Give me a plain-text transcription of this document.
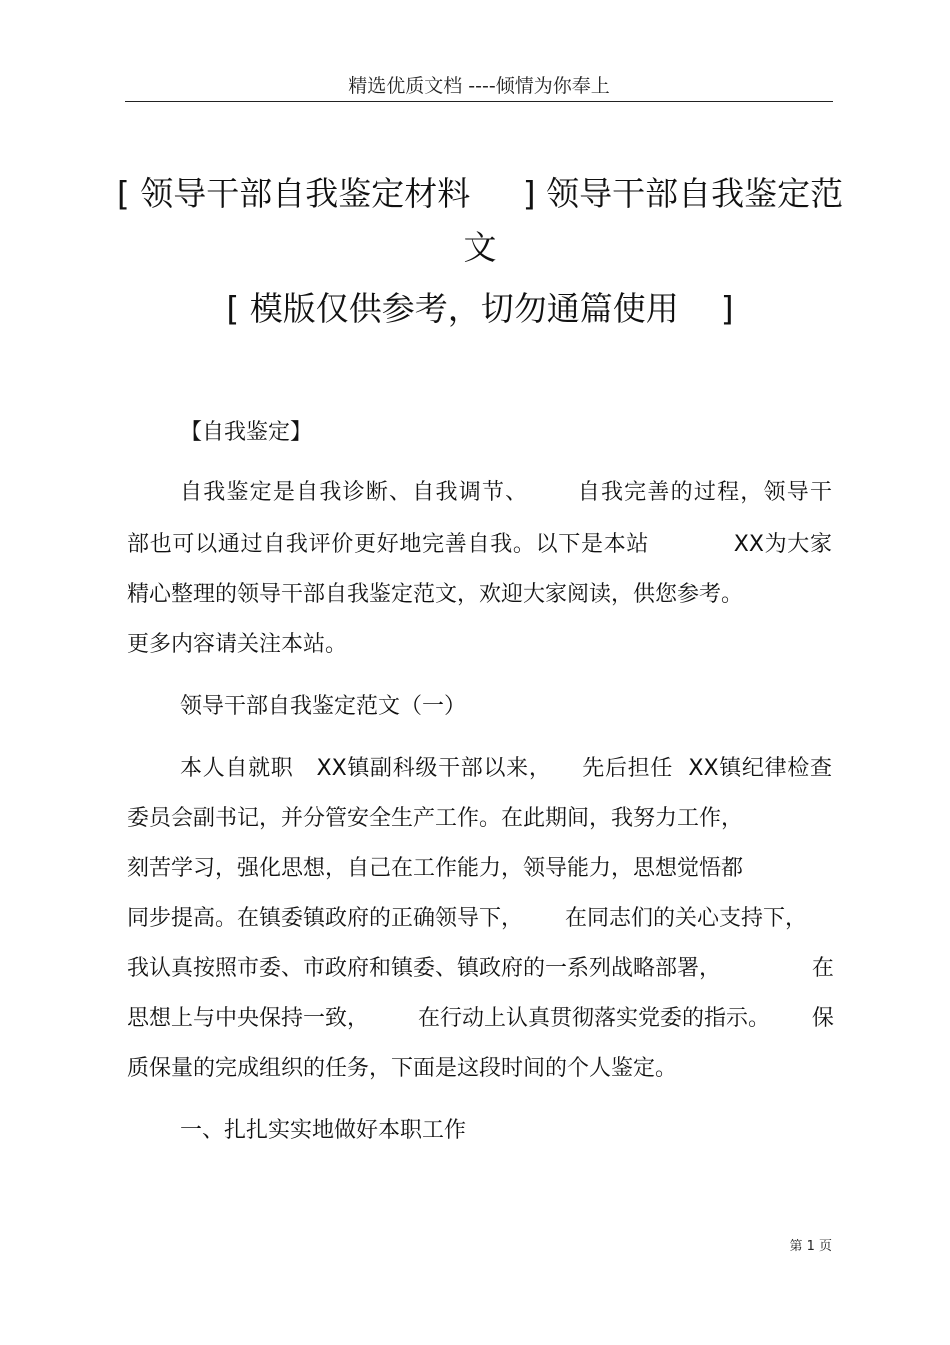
精选优质文档 ----倾情为你奉上
[ 领导干部自我鉴定材料     ] 领导干部自我鉴定范
文
[ 模版仅供参考，切勿通篇使用    ]
【自我鉴定】
自我鉴定是自我诊断、自我调节、      自我完善的过程，领导干
部也可以通过自我评价更好地完善自我。以下是本站           XX为大家
精心整理的领导干部自我鉴定范文，欢迎大家阅读，供您参考。
更多内容请关注本站。
领导干部自我鉴定范文（一）
本人自就职   XX镇副科级干部以来，    先后担任  XX镇纪律检查
委员会副书记，并分管安全生产工作。在此期间，我努力工作，
刻苦学习，强化思想，自己在工作能力，领导能力，思想觉悟都
同步提高。在镇委镇政府的正确领导下，      在同志们的关心支持下，
我认真按照市委、市政府和镇委、镇政府的一系列战略部署，             在
思想上与中央保持一致，       在行动上认真贯彻落实党委的指示。      保
质保量的完成组织的任务，下面是这段时间的个人鉴定。
一、扎扎实实地做好本职工作
第 1 页
